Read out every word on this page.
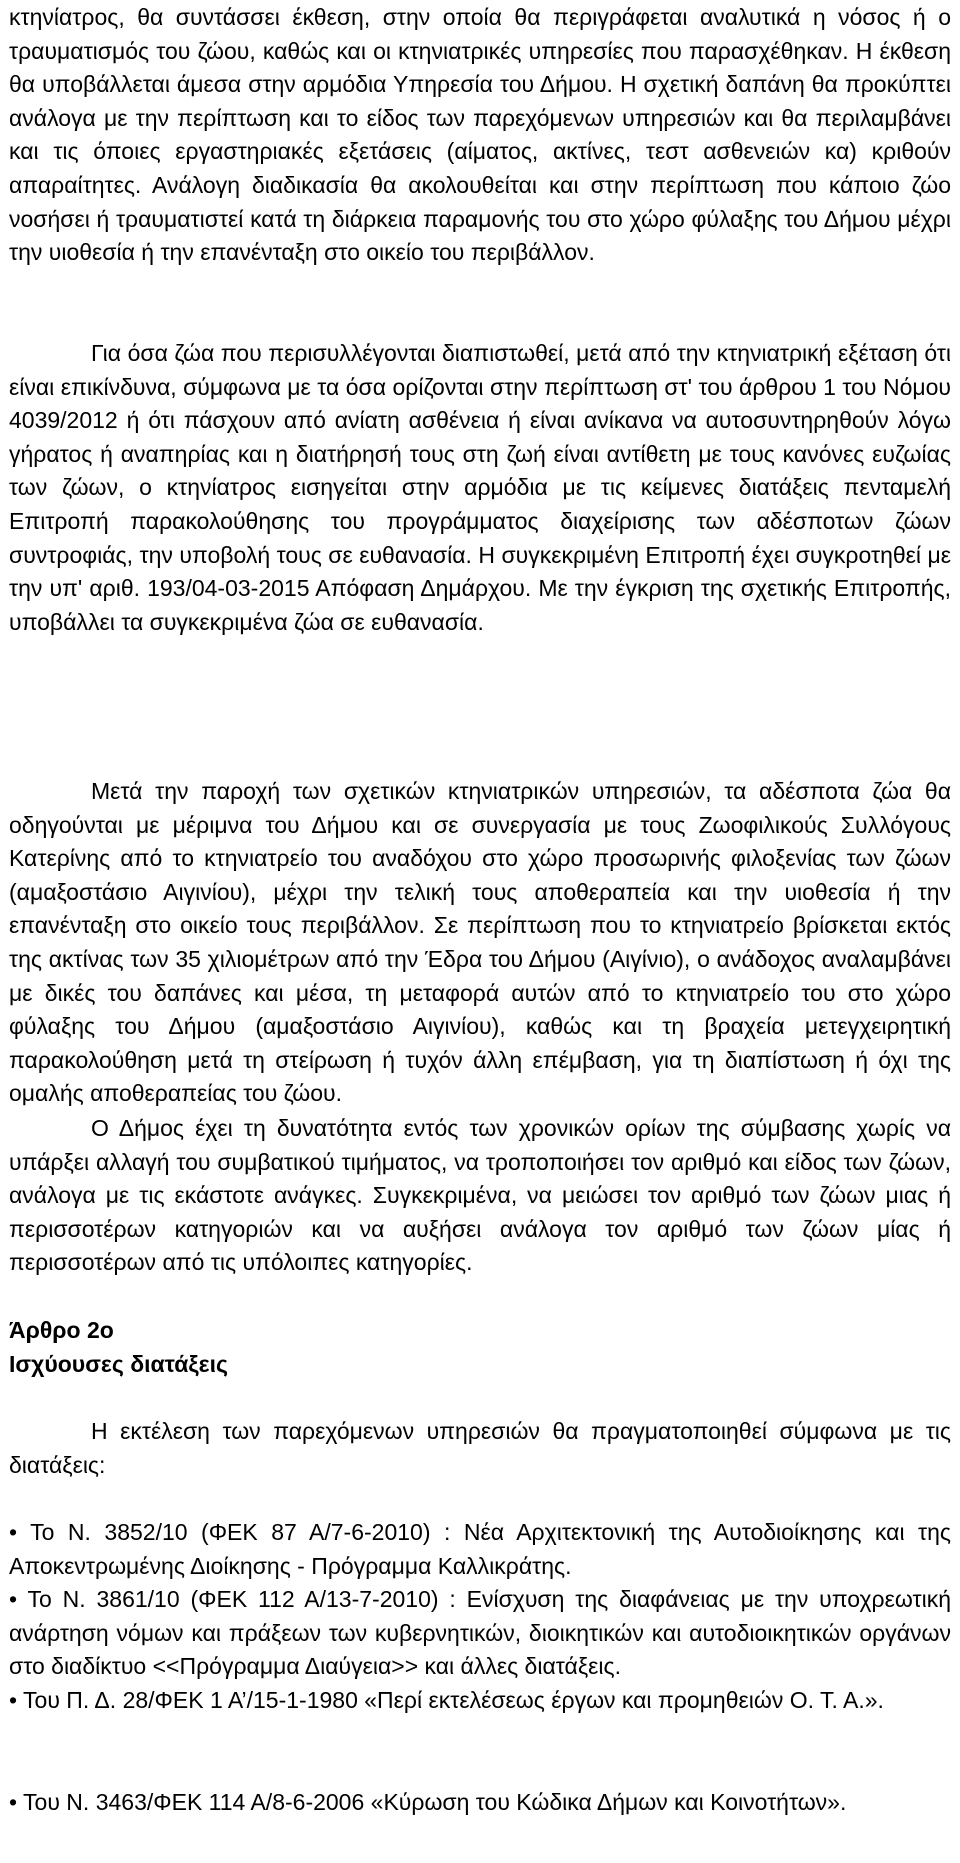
κτηνίατρος, θα συντάσσει έκθεση, στην οποία θα περιγράφεται αναλυτικά η νόσος ή ο τραυματισμός του ζώου, καθώς και οι κτηνιατρικές υπηρεσίες που παρασχέθηκαν. Η έκθεση θα υποβάλλεται άμεσα στην αρμόδια Υπηρεσία του Δήμου. Η σχετική δαπάνη θα προκύπτει ανάλογα με την περίπτωση και το είδος των παρεχόμενων υπηρεσιών και θα περιλαμβάνει και τις όποιες εργαστηριακές εξετάσεις (αίματος, ακτίνες, τεστ ασθενειών κα) κριθούν απαραίτητες. Ανάλογη διαδικασία θα ακολουθείται και στην περίπτωση που κάποιο ζώο νοσήσει ή τραυματιστεί κατά τη διάρκεια παραμονής του στο χώρο φύλαξης του Δήμου μέχρι την υιοθεσία ή την επανένταξη στο οικείο του περιβάλλον.

Για όσα ζώα που περισυλλέγονται διαπιστωθεί, μετά από την κτηνιατρική εξέταση ότι είναι επικίνδυνα, σύμφωνα με τα όσα ορίζονται στην περίπτωση στ' του άρθρου 1 του Νόμου 4039/2012 ή ότι πάσχουν από ανίατη ασθένεια ή είναι ανίκανα να αυτοσυντηρηθούν λόγω γήρατος ή αναπηρίας και η διατήρησή τους στη ζωή είναι αντίθετη με τους κανόνες ευζωίας των ζώων, ο κτηνίατρος εισηγείται στην αρμόδια με τις κείμενες διατάξεις πενταμελή Επιτροπή παρακολούθησης του προγράμματος διαχείρισης των αδέσποτων ζώων συντροφιάς, την υποβολή τους σε ευθανασία. Η συγκεκριμένη Επιτροπή έχει συγκροτηθεί με την υπ' αριθ. 193/04-03-2015 Απόφαση Δημάρχου. Με την έγκριση της σχετικής Επιτροπής, υποβάλλει τα συγκεκριμένα ζώα σε ευθανασία.

Μετά την παροχή των σχετικών κτηνιατρικών υπηρεσιών, τα αδέσποτα ζώα θα οδηγούνται με μέριμνα του Δήμου και σε συνεργασία με τους Ζωοφιλικούς Συλλόγους Κατερίνης από το κτηνιατρείο του αναδόχου στο χώρο προσωρινής φιλοξενίας των ζώων (αμαξοστάσιο Αιγινίου), μέχρι την τελική τους αποθεραπεία και την υιοθεσία ή την επανένταξη στο οικείο τους περιβάλλον. Σε περίπτωση που το κτηνιατρείο βρίσκεται εκτός της ακτίνας των 35 χιλιομέτρων από την Έδρα του Δήμου (Αιγίνιο), ο ανάδοχος αναλαμβάνει με δικές του δαπάνες και μέσα, τη μεταφορά αυτών από το κτηνιατρείο του στο χώρο φύλαξης του Δήμου (αμαξοστάσιο Αιγινίου), καθώς και τη βραχεία μετεγχειρητική παρακολούθηση μετά τη στείρωση ή τυχόν άλλη επέμβαση, για τη διαπίστωση ή όχι της ομαλής αποθεραπείας του ζώου.

Ο Δήμος έχει τη δυνατότητα εντός των χρονικών ορίων της σύμβασης χωρίς να υπάρξει αλλαγή του συμβατικού τιμήματος, να τροποποιήσει τον αριθμό και είδος των ζώων, ανάλογα με τις εκάστοτε ανάγκες. Συγκεκριμένα, να μειώσει τον αριθμό των ζώων μιας ή περισσοτέρων κατηγοριών και να αυξήσει ανάλογα τον αριθμό των ζώων μίας ή περισσοτέρων από τις υπόλοιπες κατηγορίες.

Άρθρο 2ο
Ισχύουσες διατάξεις

Η εκτέλεση των παρεχόμενων υπηρεσιών θα πραγματοποιηθεί σύμφωνα με τις διατάξεις:

• Το Ν. 3852/10 (ΦΕΚ 87 Α/7-6-2010) : Νέα Αρχιτεκτονική της Αυτοδιοίκησης και της Αποκεντρωμένης Διοίκησης - Πρόγραμμα Καλλικράτης.

• Το Ν. 3861/10 (ΦΕΚ 112 Α/13-7-2010) : Ενίσχυση της διαφάνειας με την υποχρεωτική ανάρτηση νόμων και πράξεων των κυβερνητικών, διοικητικών και αυτοδιοικητικών οργάνων στο διαδίκτυο <<Πρόγραμμα Διαύγεια>> και άλλες διατάξεις.

• Του Π. Δ. 28/ΦΕΚ 1 Α’/15-1-1980 «Περί εκτελέσεως έργων και προμηθειών Ο. Τ. Α.».

• Του Ν. 3463/ΦΕΚ 114 Α/8-6-2006 «Κύρωση του Κώδικα Δήμων και Κοινοτήτων».
